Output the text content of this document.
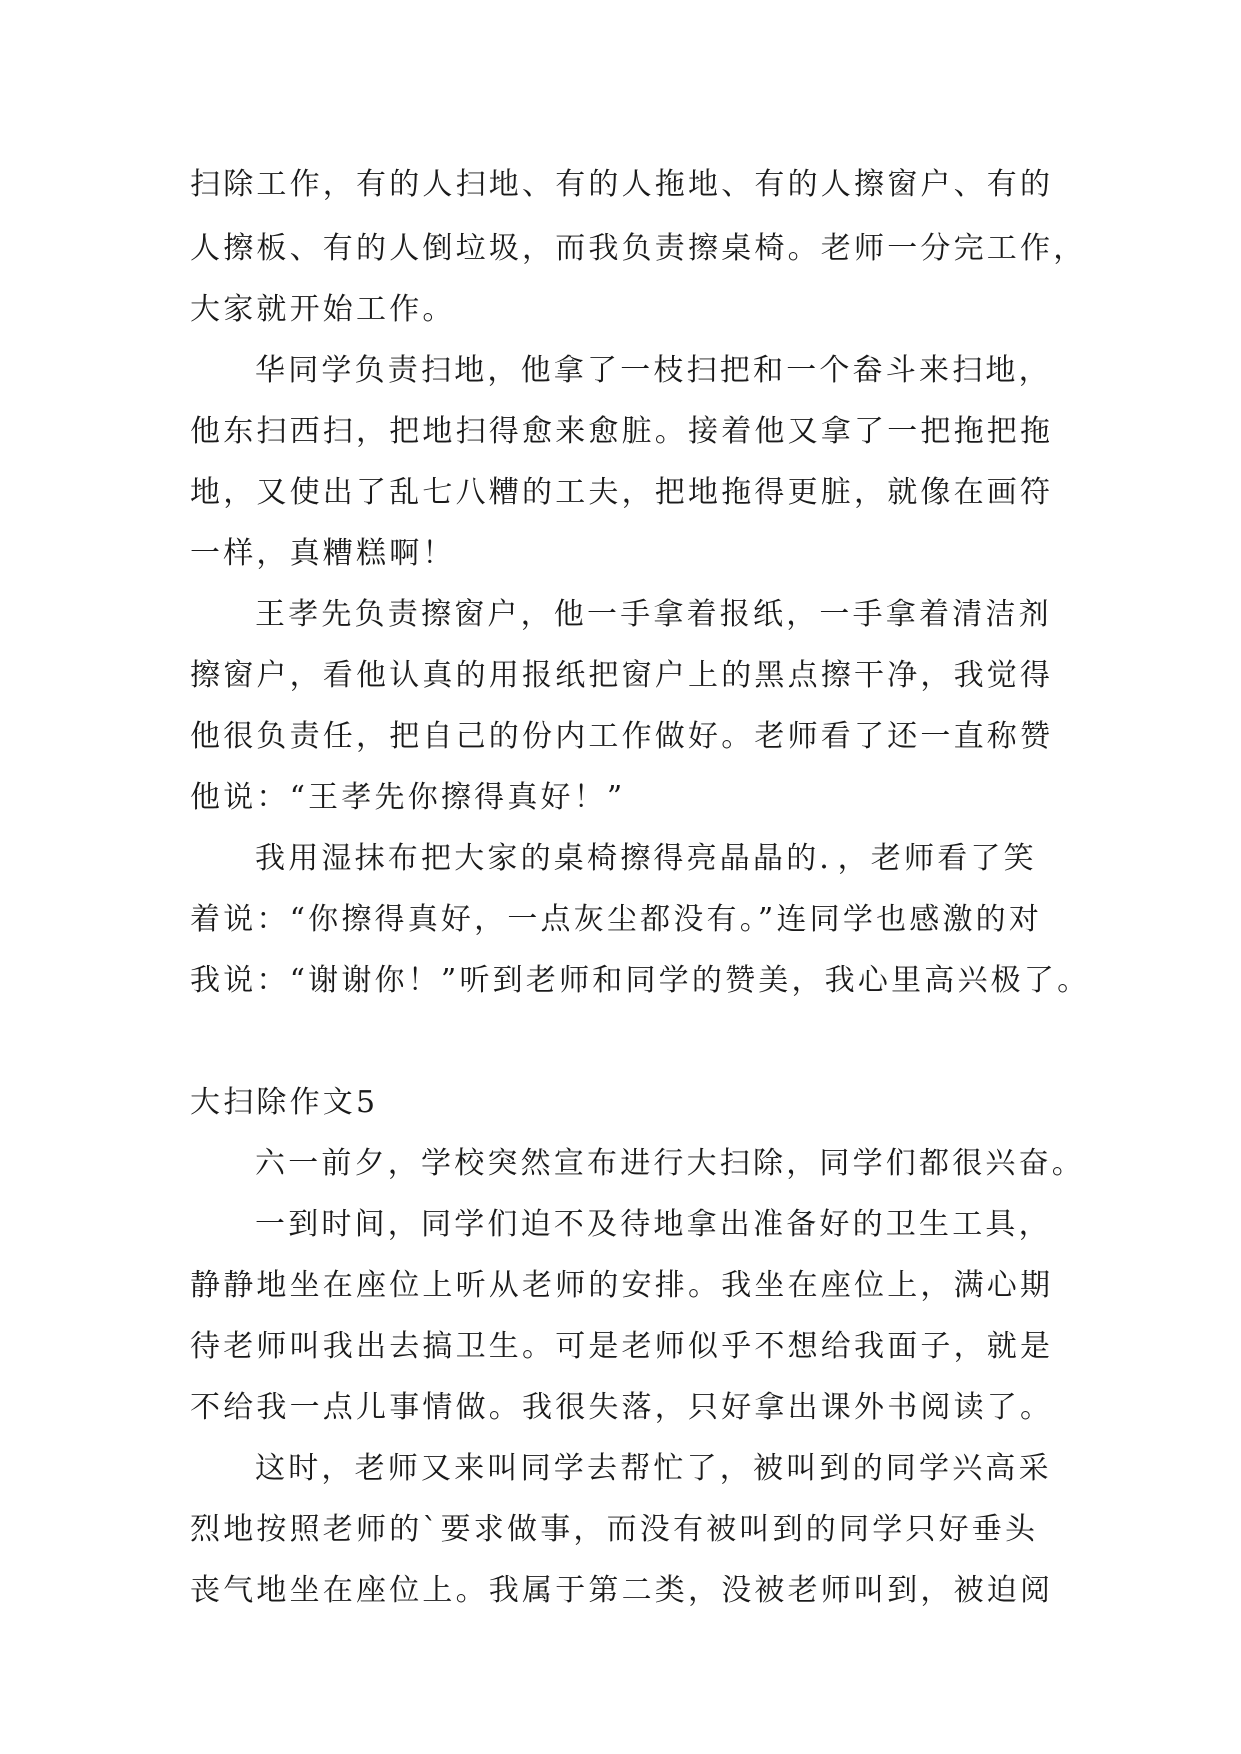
扫除工作，有的人扫地、有的人拖地、有的人擦窗户、有的
人擦板、有的人倒垃圾，而我负责擦桌椅。老师一分完工作，
大家就开始工作。
华同学负责扫地，他拿了一枝扫把和一个畚斗来扫地，
他东扫西扫，把地扫得愈来愈脏。接着他又拿了一把拖把拖
地，又使出了乱七八糟的工夫，把地拖得更脏，就像在画符
一样，真糟糕啊！
王孝先负责擦窗户，他一手拿着报纸，一手拿着清洁剂
擦窗户，看他认真的用报纸把窗户上的黑点擦干净，我觉得
他很负责任，把自己的份内工作做好。老师看了还一直称赞
他说：“王孝先你擦得真好！”
我用湿抹布把大家的桌椅擦得亮晶晶的．，老师看了笑
着说：“你擦得真好，一点灰尘都没有。”连同学也感激的对
我说：“谢谢你！”听到老师和同学的赞美，我心里高兴极了。
大扫除作文5
六一前夕，学校突然宣布进行大扫除，同学们都很兴奋。
一到时间，同学们迫不及待地拿出准备好的卫生工具，
静静地坐在座位上听从老师的安排。我坐在座位上，满心期
待老师叫我出去搞卫生。可是老师似乎不想给我面子，就是
不给我一点儿事情做。我很失落，只好拿出课外书阅读了。
这时，老师又来叫同学去帮忙了，被叫到的同学兴高采
烈地按照老师的`要求做事，而没有被叫到的同学只好垂头
丧气地坐在座位上。我属于第二类，没被老师叫到，被迫阅
